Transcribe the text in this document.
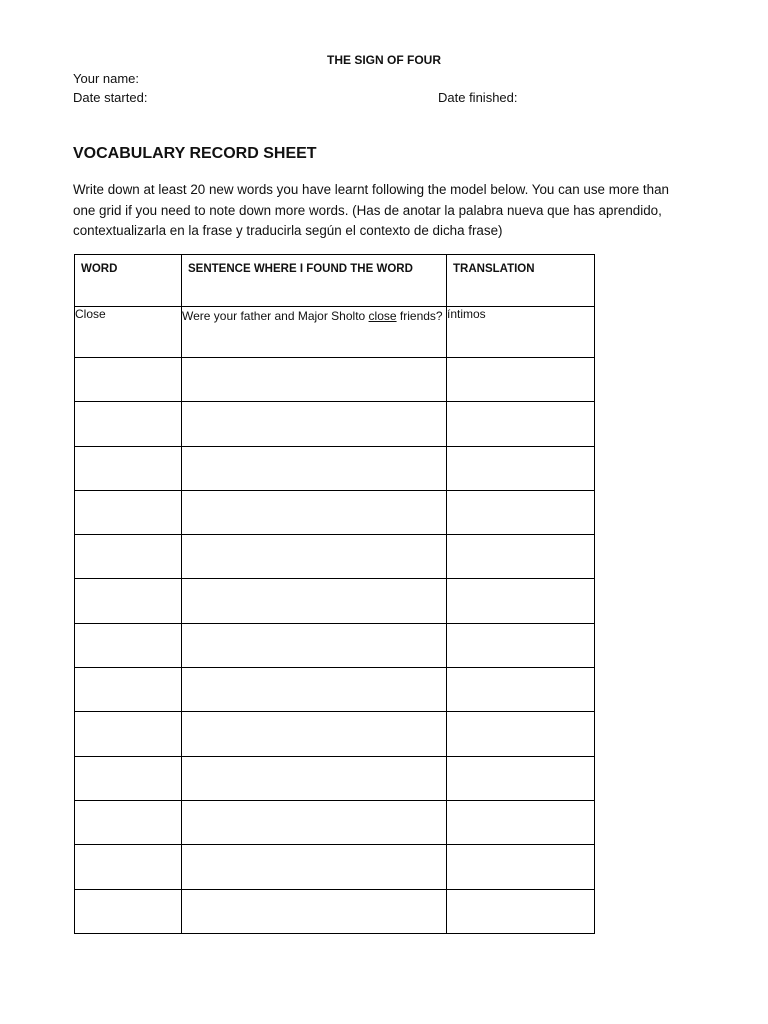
THE SIGN OF FOUR
Your name:
Date started:	Date finished:
VOCABULARY RECORD SHEET
Write down at least 20 new words you have learnt following the model below. You can use more than one grid if you need to note down more words. (Has de anotar la palabra nueva que has aprendido, contextualizarla en la frase y traducirla según el contexto de dicha frase)
WORD	SENTENCE WHERE I FOUND THE WORD	TRANSLATION
Close	Were your father and Major Sholto close friends?	íntimos
